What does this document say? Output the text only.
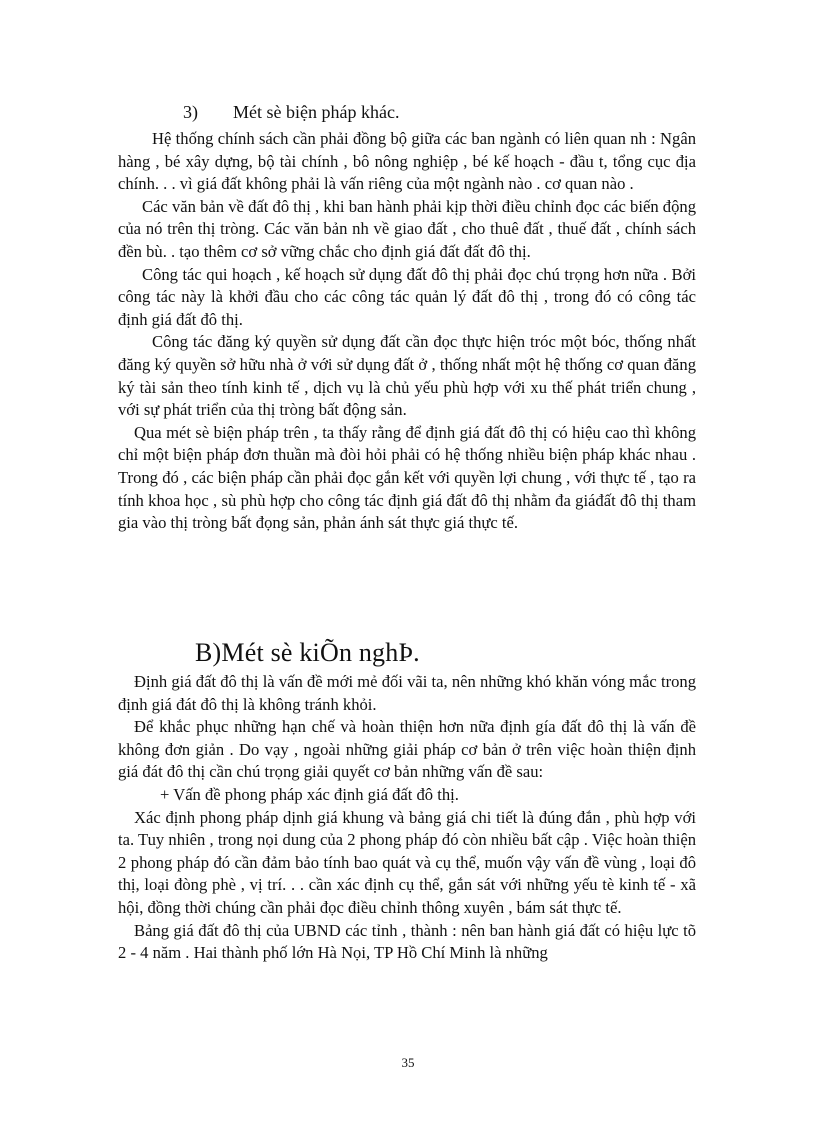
3) Mét sè biện pháp khác.

Hệ thống chính sách cần phải đồng bộ giữa các ban ngành có liên quan nh : Ngân hàng , bé xây dựng, bộ tài chính , bô nông nghiệp , bé kế hoạch - đầu t, tổng cục địa chính. . . vì giá đất không phải là vấn riêng của một ngành nào . cơ quan nào .

Các văn bản về đất đô thị , khi ban hành phải kịp thời điều chỉnh đọc các biến động của nó trên thị tròng. Các văn bản nh về giao đất , cho thuê đất , thuế đất , chính sách đền bù. . tạo thêm cơ sở vững chắc cho định giá đất đất đô thị.

Công tác qui hoạch , kế hoạch sử dụng đất đô thị phải đọc chú trọng hơn nữa . Bởi công tác này là khởi đầu cho các công tác quản lý đất đô thị , trong đó có công tác định giá đất đô thị.

Công tác đăng ký quyền sử dụng đất cần đọc thực hiện tróc một bóc, thống nhất đăng ký quyền sở hữu nhà ở với sử dụng đất ở , thống nhất một hệ thống cơ quan đăng ký tài sản theo tính kinh tế , dịch vụ là chủ yếu phù hợp với xu thế phát triển chung , với sự phát triển của thị tròng bất động sản.

Qua mét sè biện pháp trên , ta thấy rằng để định giá đất đô thị có hiệu cao thì không chỉ một biện pháp đơn thuần mà đòi hỏi phải có hệ thống nhiều biện pháp khác nhau . Trong đó , các biện pháp cần phải đọc gắn kết với quyền lợi chung , với thực tế , tạo ra tính khoa học , sù phù hợp cho công tác định giá đất đô thị nhằm đa giáđất đô thị tham gia vào thị tròng bất đọng sản, phản ánh sát thực giá thực tế.

B)Mét sè kiÕn nghÞ.

Định giá đất đô thị là vấn đề mới mẻ đối vãi ta, nên những khó khăn vóng mắc trong định giá đát đô thị là không tránh khỏi.

Để khắc phục những hạn chế và hoàn thiện hơn nữa định gía đất đô thị là vấn đề không đơn giản . Do vạy , ngoài những giải pháp cơ bản ở trên việc hoàn thiện định giá đát đô thị cần chú trọng giải quyết cơ bản những vấn đề sau:

+ Vấn đề phong pháp xác định giá đất đô thị.

Xác định phong pháp dịnh giá khung và bảng giá chi tiết là đúng đắn , phù hợp với ta. Tuy nhiên , trong nọi dung của 2 phong pháp đó còn nhiều bất cập . Việc hoàn thiện 2 phong pháp đó cần đảm bảo tính bao quát và cụ thể, muốn vậy vấn đề vùng , loại đô thị, loại đòng phè , vị trí. . . cần xác định cụ thể, gắn sát với những yếu tè kinh tế - xã hội, đồng thời chúng cần phải đọc điều chỉnh thông xuyên , bám sát thực tế.

Bảng giá đất đô thị của UBND các tỉnh , thành : nên ban hành giá đất có hiệu lực tõ 2 - 4 năm . Hai thành phố lớn Hà Nọi, TP Hồ Chí Minh là những

35
